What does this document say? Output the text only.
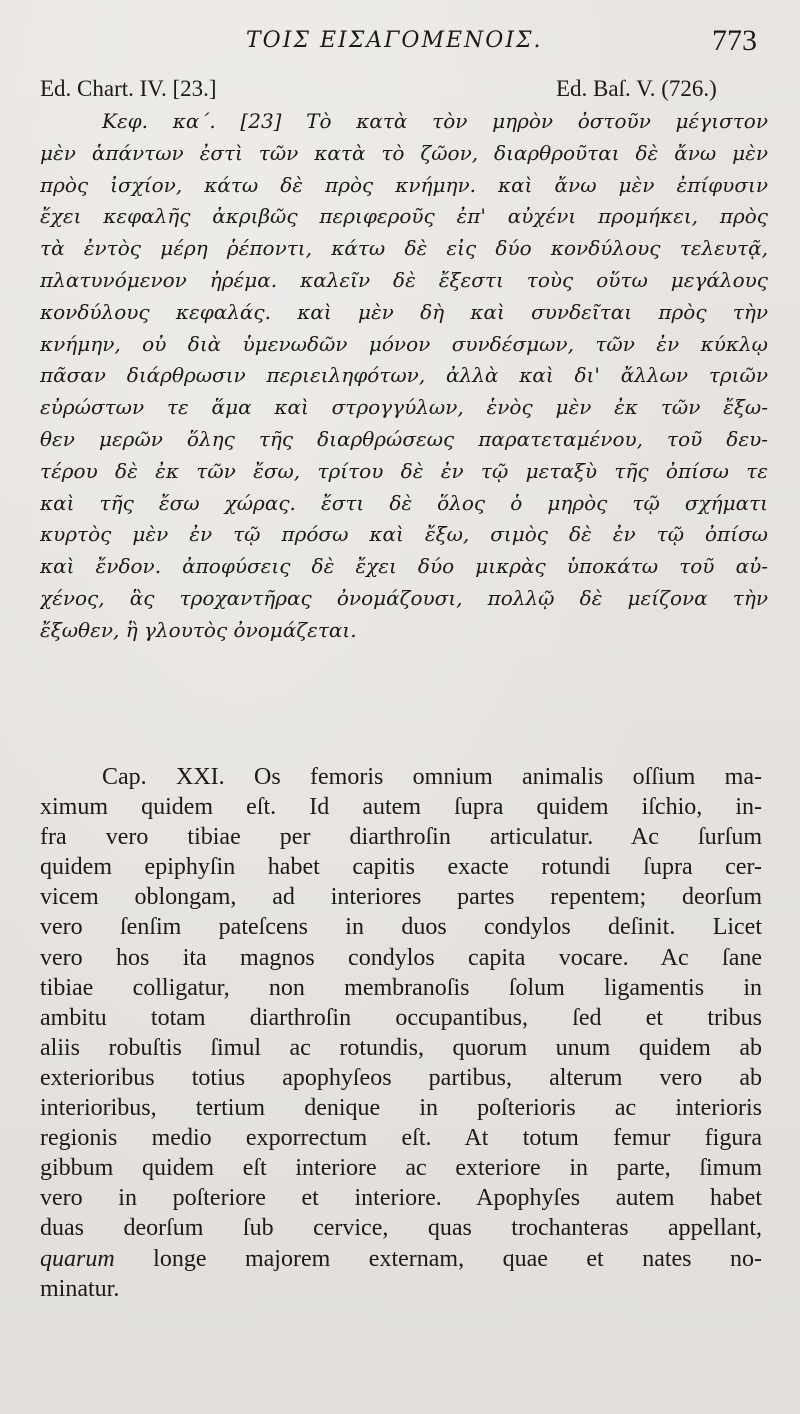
ΤΟΙΣ ΕΙΣΑΓΟΜΕΝΟΙΣ.	773
Ed. Chart. IV. [23.]	Ed. Baſ. V. (726.)
Κεφ. κα΄. [23] Τὸ κατὰ τὸν μηρὸν ὀστοῦν μέγιστον
μὲν ἁπάντων ἐστὶ τῶν κατὰ τὸ ζῶον, διαρθροῦται δὲ ἄνω μὲν
πρὸς ἰσχίον, κάτω δὲ πρὸς κνήμην. καὶ ἄνω μὲν ἐπίφυσιν
ἔχει κεφαλῆς ἀκριβῶς περιφεροῦς ἐπ' αὐχένι προμήκει, πρὸς
τὰ ἐντὸς μέρη ῥέποντι, κάτω δὲ εἰς δύο κονδύλους τελευτᾷ,
πλατυνόμενον ἠρέμα. καλεῖν δὲ ἔξεστι τοὺς οὕτω μεγάλους
κονδύλους κεφαλάς. καὶ μὲν δὴ καὶ συνδεῖται πρὸς τὴν
κνήμην, οὐ διὰ ὑμενωδῶν μόνον συνδέσμων, τῶν ἐν κύκλῳ
πᾶσαν διάρθρωσιν περιειληφότων, ἀλλὰ καὶ δι' ἄλλων τριῶν
εὐρώστων τε ἅμα καὶ στρογγύλων, ἑνὸς μὲν ἐκ τῶν ἔξω-
θεν μερῶν ὅλης τῆς διαρθρώσεως παρατεταμένου, τοῦ δευ-
τέρου δὲ ἐκ τῶν ἔσω, τρίτου δὲ ἐν τῷ μεταξὺ τῆς ὀπίσω τε
καὶ τῆς ἔσω χώρας. ἔστι δὲ ὅλος ὁ μηρὸς τῷ σχήματι
κυρτὸς μὲν ἐν τῷ πρόσω καὶ ἔξω, σιμὸς δὲ ἐν τῷ ὀπίσω
καὶ ἔνδον. ἀποφύσεις δὲ ἔχει δύο μικρὰς ὑποκάτω τοῦ αὐ-
χένος, ἃς τροχαντῆρας ὀνομάζουσι, πολλῷ δὲ μείζονα τὴν
ἔξωθεν, ἣ γλουτὸς ὀνομάζεται.
Cap. XXI. Os femoris omnium animalis oſſium ma-
ximum quidem eſt. Id autem ſupra quidem iſchio, in-
fra vero tibiae per diarthroſin articulatur. Ac ſurſum
quidem epiphyſin habet capitis exacte rotundi ſupra cer-
vicem oblongam, ad interiores partes repentem; deorſum
vero ſenſim pateſcens in duos condylos deſinit. Licet
vero hos ita magnos condylos capita vocare. Ac ſane
tibiae colligatur, non membranoſis ſolum ligamentis in
ambitu totam diarthroſin occupantibus, ſed et tribus
aliis robuſtis ſimul ac rotundis, quorum unum quidem ab
exterioribus totius apophyſeos partibus, alterum vero ab
interioribus, tertium denique in poſterioris ac interioris
regionis medio exporrectum eſt. At totum femur figura
gibbum quidem eſt interiore ac exteriore in parte, ſimum
vero in poſteriore et interiore. Apophyſes autem habet
duas deorſum ſub cervice, quas trochanteras appellant,
quarum longe majorem externam, quae et nates no-
minatur.
